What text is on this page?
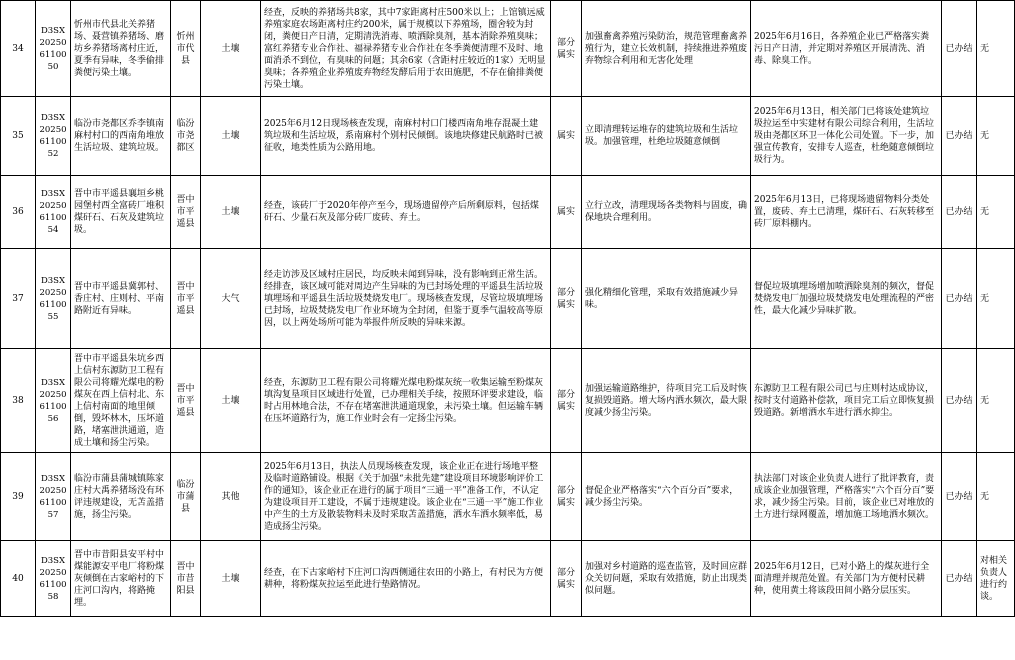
34	D3SX2025061100 50	忻州市代县北关养猪场、聂营镇养猪场、磨坊乡养猪场离村庄近，夏季有异味，冬季偷排粪便污染土壤。	忻州市代县	土壤	经查，反映的养猪场共8家，其中7家距离村庄500米以上；上馆镇远威养殖家庭农场距离村庄约200米，属于规模以下养殖场，圈舍较为封闭，粪便日产日清，定期清洗消毒、喷洒除臭剂，基本消除养殖臭味；富红养猪专业合作社、福禄养猪专业合作社在冬季粪便清理不及时、地面消杀不到位，有臭味的问题；其余6家（含距村庄较近的1家）无明显臭味；各养殖企业养殖废弃物经发酵后用于农田施肥，不存在偷排粪便污染土壤。	部分属实	加强畜禽养殖污染防治，规范管理畜禽养殖行为，建立长效机制，持续推进养殖废弃物综合利用和无害化处理	2025年6月16日，各养殖企业已严格落实粪污日产日清，并定期对养殖区开展清洗、消毒、除臭工作。	已办结	无
35	D3SX2025061100 52	临汾市尧都区乔李镇南麻村村口的西南角堆放生活垃圾、建筑垃圾。	临汾市尧都区	土壤	2025年6月12日现场核查发现，南麻村村口门楼西南角堆存混凝土建筑垃圾和生活垃圾，系南麻村个别村民倾倒。该地块修建民航路时已被征收，地类性质为公路用地。	属实	立即清理转运堆存的建筑垃圾和生活垃圾。加强管理，杜绝垃圾随意倾倒	2025年6月13日，相关部门已将该处建筑垃圾拉运至中实建材有限公司综合利用，生活垃圾由尧都区环卫一体化公司处置。下一步，加强宣传教育，安排专人巡查，杜绝随意倾倒垃圾行为。	已办结	无
36	D3SX2025061100 54	晋中市平遥县襄垣乡桃园堡村西全富砖厂堆积煤矸石、石灰及建筑垃圾。	晋中市平遥县	土壤	经查，该砖厂于2020年停产至今，现场遗留停产后所剩原料，包括煤矸石、少量石灰及部分砖厂废砖、弃土。	属实	立行立改，清理现场各类物料与固废，确保地块合理利用。	2025年6月13日，已将现场遗留物料分类处置，废砖、弃土已清理，煤矸石、石灰转移至砖厂原料棚内。	已办结	无
37	D3SX2025061100 55	晋中市平遥县冀郭村、香庄村、庄则村、平南路附近有异味。	晋中市平遥县	大气	经走访涉及区域村庄居民，均反映未闻到异味，没有影响到正常生活。经排查，该区域可能对周边产生异味的为已封场处理的平遥县生活垃圾填埋场和平遥县生活垃圾焚烧发电厂。现场核查发现，尽管垃圾填埋场已封场，垃圾焚烧发电厂作业环境为全封闭，但鉴于夏季气温较高等原因，以上两处场所可能为举报件所反映的异味来源。	部分属实	强化精细化管理，采取有效措施减少异味。	督促垃圾填埋场增加喷洒除臭剂的频次，督促焚烧发电厂加强垃圾焚烧发电处理流程的严密性，最大化减少异味扩散。	已办结	无
38	D3SX2025061100 56	晋中市平遥县朱坑乡西上信村东源防卫工程有限公司将耀光煤电的粉煤灰在西上信村北、东上信村南面的地里倾倒，毁坏林木，压坏道路，堵塞泄洪通道，造成土壤和扬尘污染。	晋中市平遥县	土壤	经查，东源防卫工程有限公司将耀光煤电粉煤灰统一收集运输至粉煤灰填沟复垦项目区域进行处置，已办理相关手续，按照环评要求建设，临时占用林地合法，不存在堵塞泄洪通道现象，未污染土壤。但运输车辆在压坏道路行为，施工作业时会有一定扬尘污染。	部分属实	加强运输道路维护，待项目完工后及时恢复损毁道路。增大场内洒水频次，最大限度减少扬尘污染。	东源防卫工程有限公司已与庄则村达成协议，按时支付道路补偿款，项目完工后立即恢复损毁道路。新增洒水车进行洒水抑尘。	已办结	无
39	D3SX2025061100 57	临汾市蒲县蒲城镇陈家庄村大禹养猪场没有环评违规建设，无苫盖措施，扬尘污染。	临汾市蒲县	其他	2025年6月13日，执法人员现场核查发现，该企业正在进行场地平整及临时道路铺设。根据《关于加强“未批先建”建设项目环境影响评价工作的通知》，该企业正在进行的属于项目“三通一平”准备工作，不认定为建设项目开工建设，不属于违规建设。该企业在“三通一平”施工作业中产生的土方及散装物料未及时采取苫盖措施，洒水车洒水频率低，易造成扬尘污染。	部分属实	督促企业严格落实“六个百分百”要求，减少扬尘污染。	执法部门对该企业负责人进行了批评教育，责成该企业加强管理，严格落实“六个百分百”要求，减少扬尘污染。目前，该企业已对堆放的土方进行绿网覆盖，增加施工场地洒水频次。	已办结	无
40	D3SX2025061100 58	晋中市昔阳县安平村中煤能源安平电厂将粉煤灰倾倒在古家峪村的下庄河口沟内，将路掩埋。	晋中市昔阳县	土壤	经查，在下古家峪村下庄河口沟西侧通往农田的小路上，有村民为方便耕种，将粉煤灰拉运至此进行垫路情况。	部分属实	加强对乡村道路的巡查监管，及时回应群众关切问题，采取有效措施，防止出现类似问题。	2025年6月12日，已对小路上的煤灰进行全面清理并规范处置。有关部门为方便村民耕种，使用黄土将该段田间小路分层压实。	已办结	对相关负责人进行约谈。
